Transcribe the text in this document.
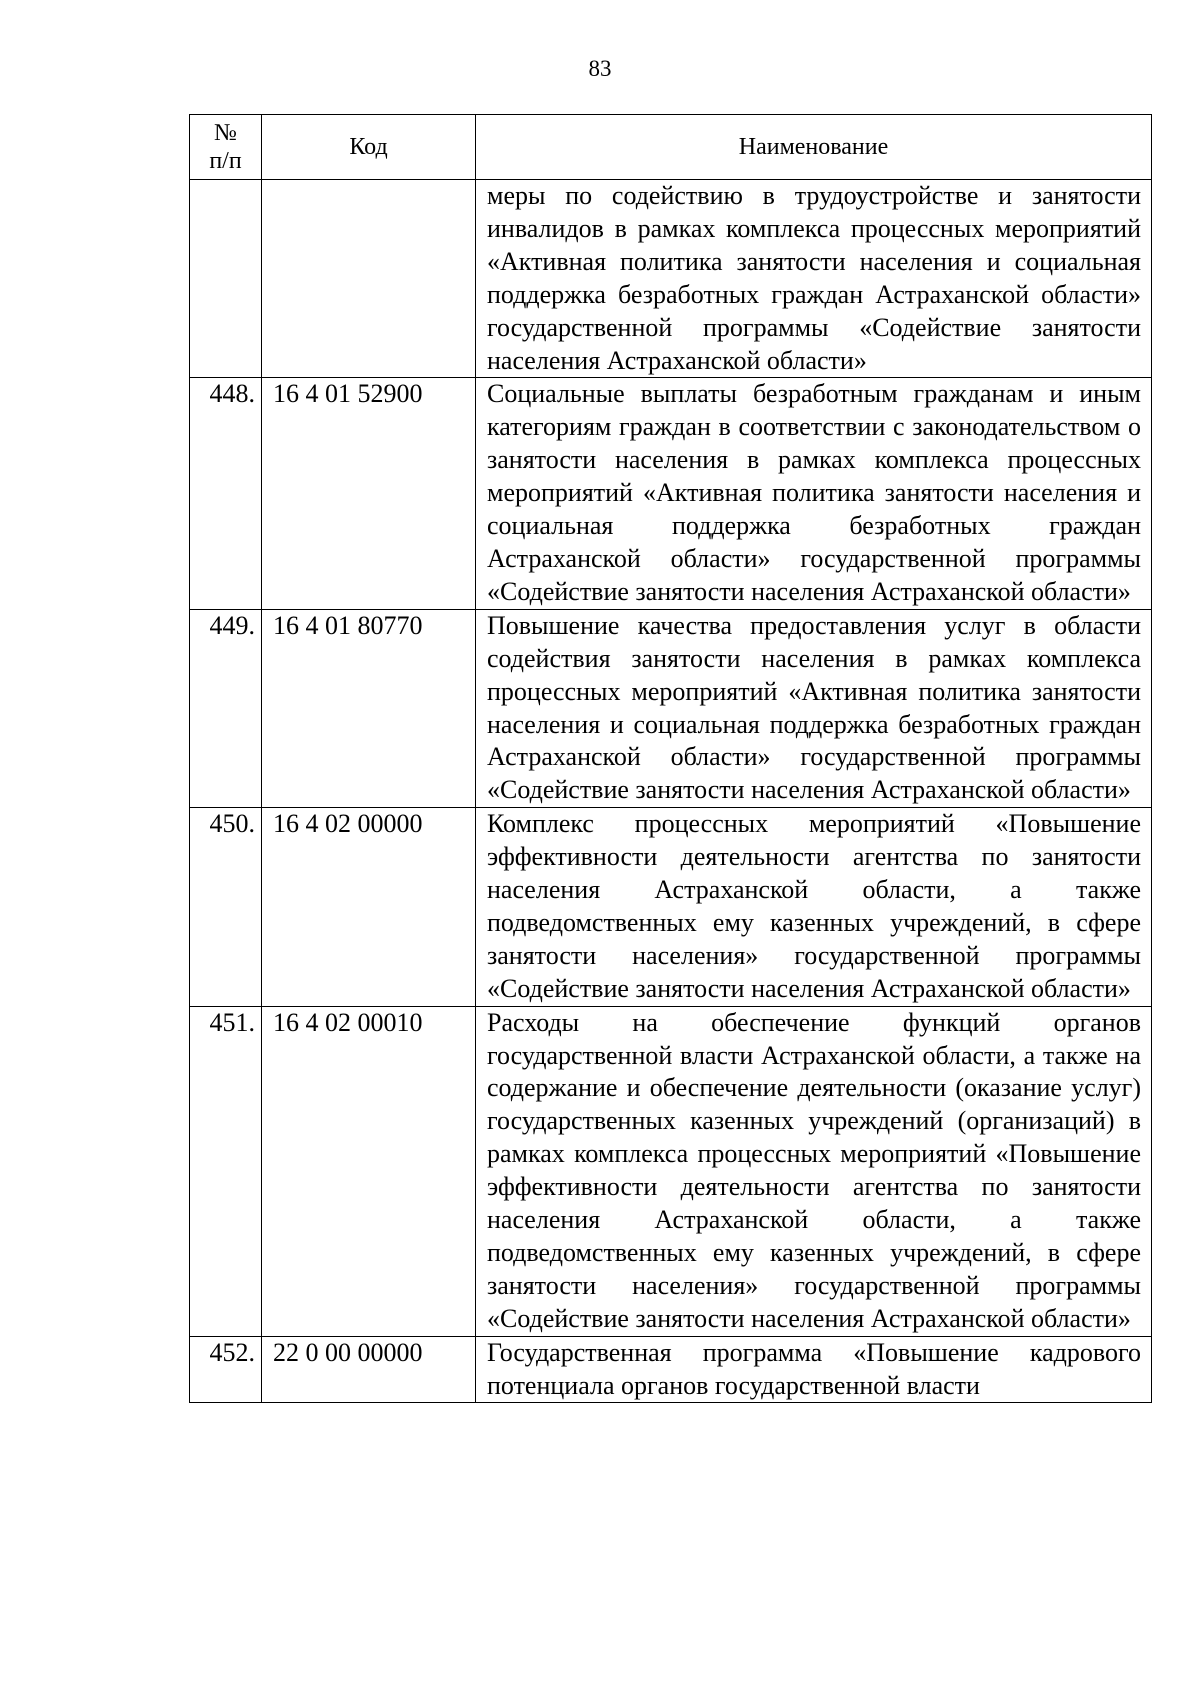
83
№
п/п	Код	Наименование
		меры по содействию в трудоустройстве и занятости инвалидов в рамках комплекса процессных мероприятий «Активная политика занятости населения и социальная поддержка безработных граждан Астраханской области» государственной программы «Содействие занятости населения Астраханской области»
448.	16 4 01 52900	Социальные выплаты безработным гражданам и иным категориям граждан в соответствии с законодательством о занятости населения в рамках комплекса процессных мероприятий «Активная политика занятости населения и социальная поддержка безработных граждан Астраханской области» государственной программы «Содействие занятости населения Астраханской области»
449.	16 4 01 80770	Повышение качества предоставления услуг в области содействия занятости населения в рамках комплекса процессных мероприятий «Активная политика занятости населения и социальная поддержка безработных граждан Астраханской области» государственной программы «Содействие занятости населения Астраханской области»
450.	16 4 02 00000	Комплекс процессных мероприятий «Повышение эффективности деятельности агентства по занятости населения Астраханской области, а также подведомственных ему казенных учреждений, в сфере занятости населения» государственной программы «Содействие занятости населения Астраханской области»
451.	16 4 02 00010	Расходы на обеспечение функций органов государственной власти Астраханской области, а также на содержание и обеспечение деятельности (оказание услуг) государственных казенных учреждений (организаций) в рамках комплекса процессных мероприятий «Повышение эффективности деятельности агентства по занятости населения Астраханской области, а также подведомственных ему казенных учреждений, в сфере занятости населения» государственной программы «Содействие занятости населения Астраханской области»
452.	22 0 00 00000	Государственная программа «Повышение кадрового потенциала органов государственной власти
